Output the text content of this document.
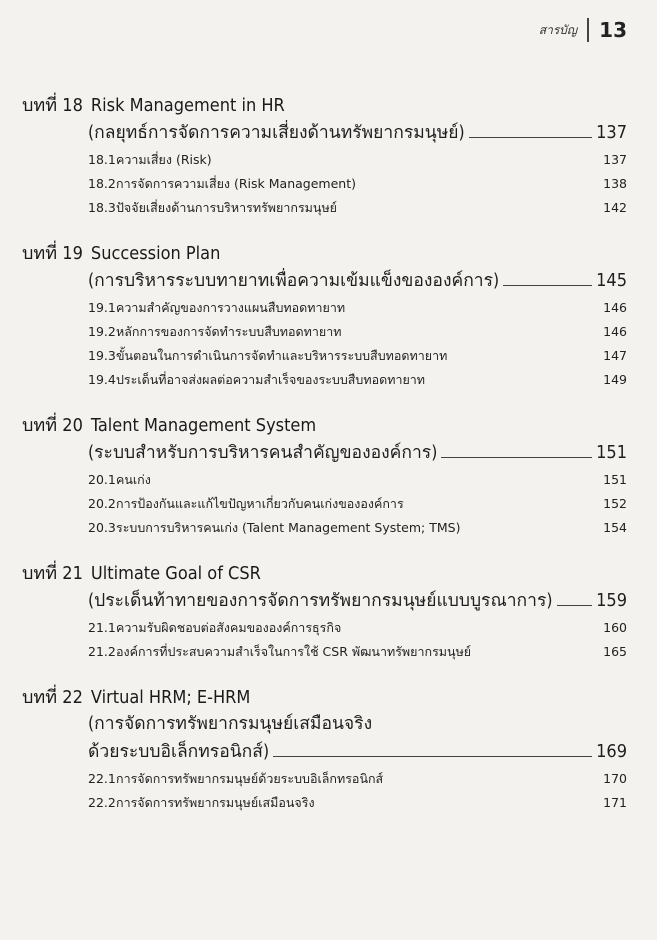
สารบัญ 13
บทที่ 18 Risk Management in HR
(กลยุทธ์การจัดการความเสี่ยงด้านทรัพยากรมนุษย์)	137
18.1 ความเสี่ยง (Risk)	137
18.2 การจัดการความเสี่ยง (Risk Management)	138
18.3 ปัจจัยเสี่ยงด้านการบริหารทรัพยากรมนุษย์	142
บทที่ 19 Succession Plan
(การบริหารระบบทายาทเพื่อความเข้มแข็งขององค์การ)	145
19.1 ความสำคัญของการวางแผนสืบทอดทายาท	146
19.2 หลักการของการจัดทำระบบสืบทอดทายาท	146
19.3 ขั้นตอนในการดำเนินการจัดทำและบริหารระบบสืบทอดทายาท	147
19.4 ประเด็นที่อาจส่งผลต่อความสำเร็จของระบบสืบทอดทายาท	149
บทที่ 20 Talent Management System
(ระบบสำหรับการบริหารคนสำคัญขององค์การ)	151
20.1 คนเก่ง	151
20.2 การป้องกันและแก้ไขปัญหาเกี่ยวกับคนเก่งขององค์การ	152
20.3 ระบบการบริหารคนเก่ง (Talent Management System; TMS)	154
บทที่ 21 Ultimate Goal of CSR
(ประเด็นท้าทายของการจัดการทรัพยากรมนุษย์แบบบูรณาการ) 159
21.1 ความรับผิดชอบต่อสังคมขององค์การธุรกิจ	160
21.2 องค์การที่ประสบความสำเร็จในการใช้ CSR พัฒนาทรัพยากรมนุษย์	165
บทที่ 22 Virtual HRM; E-HRM
(การจัดการทรัพยากรมนุษย์เสมือนจริง
ด้วยระบบอิเล็กทรอนิกส์)	169
22.1 การจัดการทรัพยากรมนุษย์ด้วยระบบอิเล็กทรอนิกส์	170
22.2 การจัดการทรัพยากรมนุษย์เสมือนจริง	171
